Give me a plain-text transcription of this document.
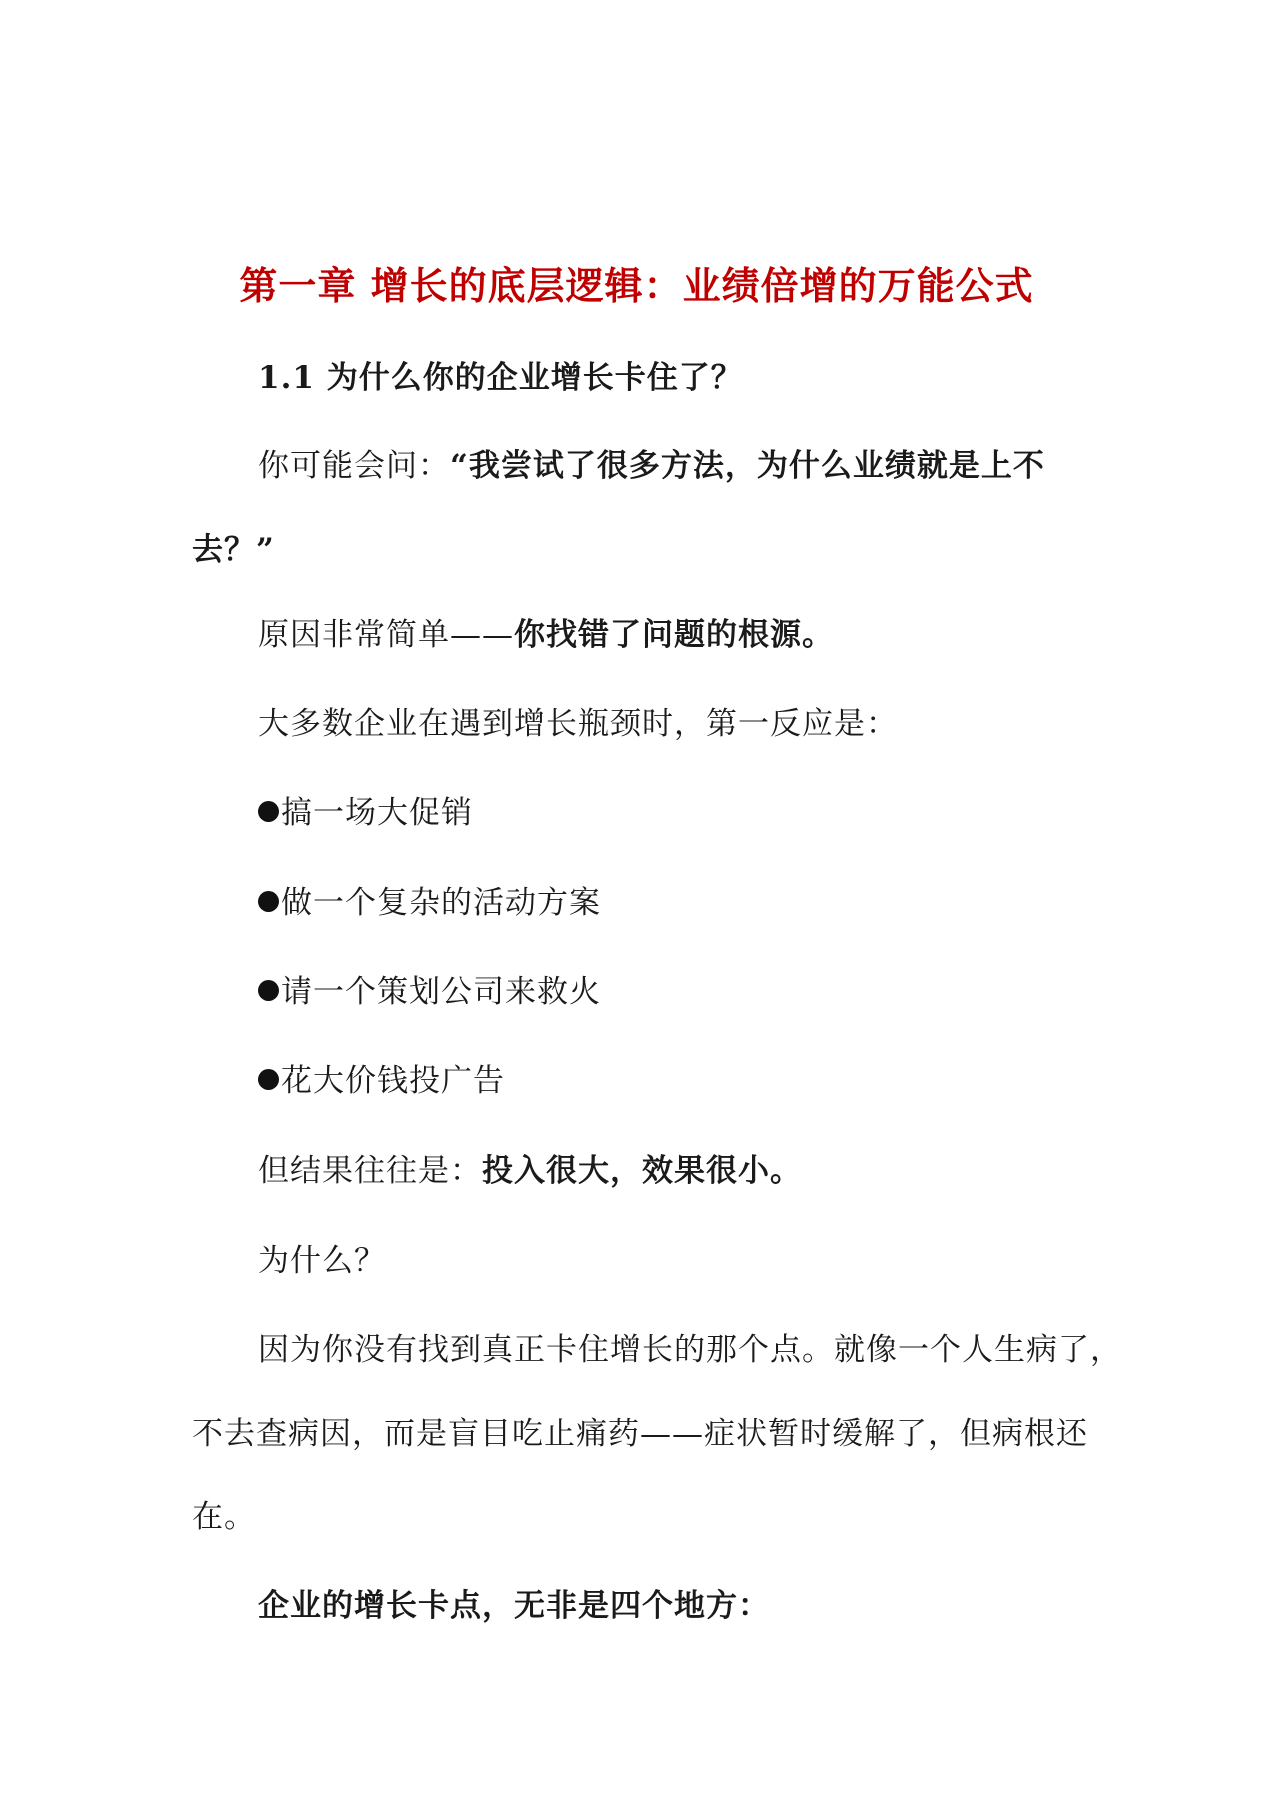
第一章 增长的底层逻辑：业绩倍增的万能公式
1.1 为什么你的企业增长卡住了？
你可能会问：“我尝试了很多方法，为什么业绩就是上不
去？”
原因非常简单——你找错了问题的根源。
大多数企业在遇到增长瓶颈时，第一反应是：
搞一场大促销
做一个复杂的活动方案
请一个策划公司来救火
花大价钱投广告
但结果往往是：投入很大，效果很小。
为什么？
因为你没有找到真正卡住增长的那个点。就像一个人生病了，
不去查病因，而是盲目吃止痛药——症状暂时缓解了，但病根还
在。
企业的增长卡点，无非是四个地方：
